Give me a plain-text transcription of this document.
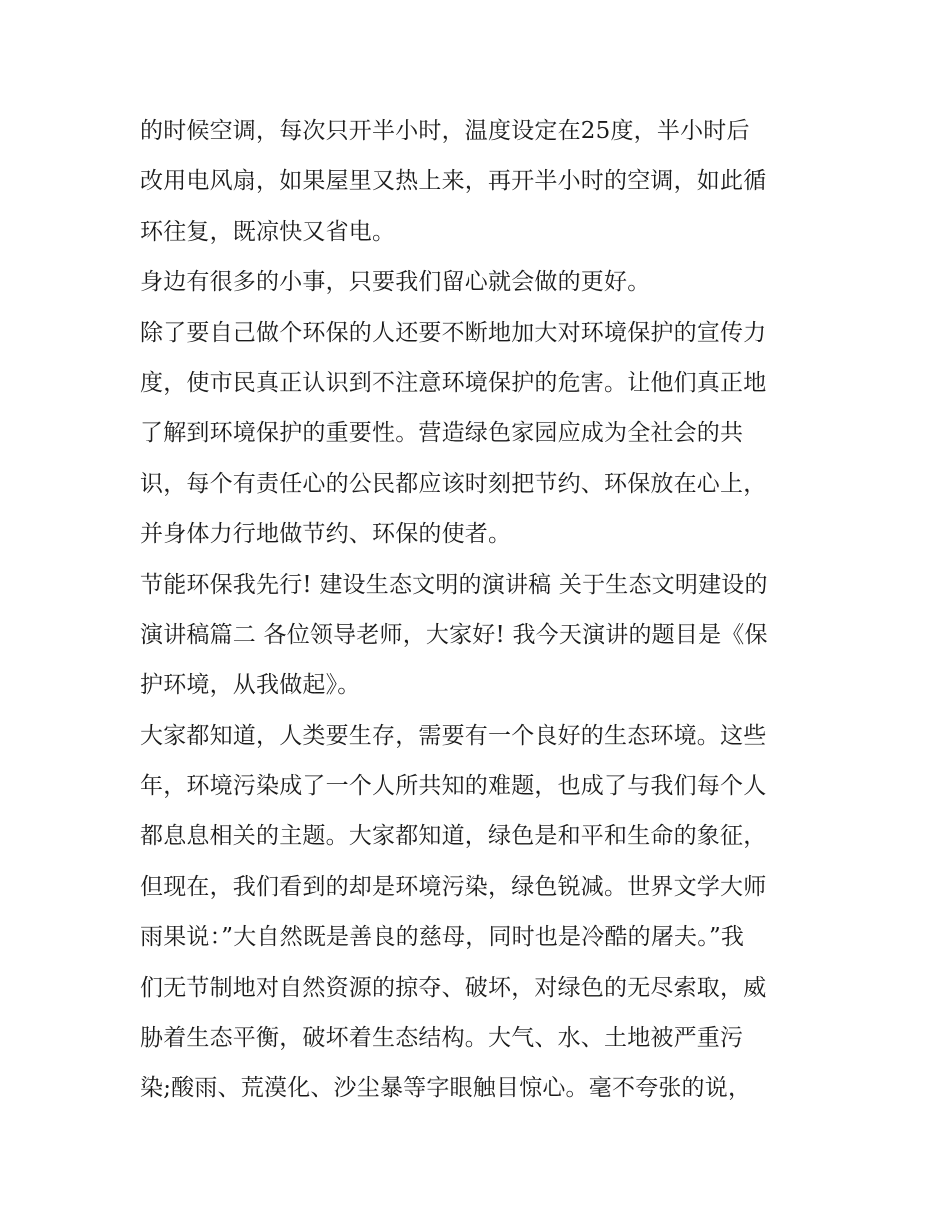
的时候空调，每次只开半小时，温度设定在25度，半小时后
改用电风扇，如果屋里又热上来，再开半小时的空调，如此循
环往复，既凉快又省电。
身边有很多的小事，只要我们留心就会做的更好。
除了要自己做个环保的人还要不断地加大对环境保护的宣传力
度，使市民真正认识到不注意环境保护的危害。让他们真正地
了解到环境保护的重要性。营造绿色家园应成为全社会的共
识，每个有责任心的公民都应该时刻把节约、环保放在心上，
并身体力行地做节约、环保的使者。
节能环保我先行! 建设生态文明的演讲稿 关于生态文明建设的
演讲稿篇二 各位领导老师，大家好! 我今天演讲的题目是《保
护环境，从我做起》。
大家都知道，人类要生存，需要有一个良好的生态环境。这些
年，环境污染成了一个人所共知的难题，也成了与我们每个人
都息息相关的主题。大家都知道，绿色是和平和生命的象征，
但现在，我们看到的却是环境污染，绿色锐减。世界文学大师
雨果说：”大自然既是善良的慈母，同时也是冷酷的屠夫。”我
们无节制地对自然资源的掠夺、破坏，对绿色的无尽索取，威
胁着生态平衡，破坏着生态结构。大气、水、土地被严重污
染;酸雨、荒漠化、沙尘暴等字眼触目惊心。毫不夸张的说，
